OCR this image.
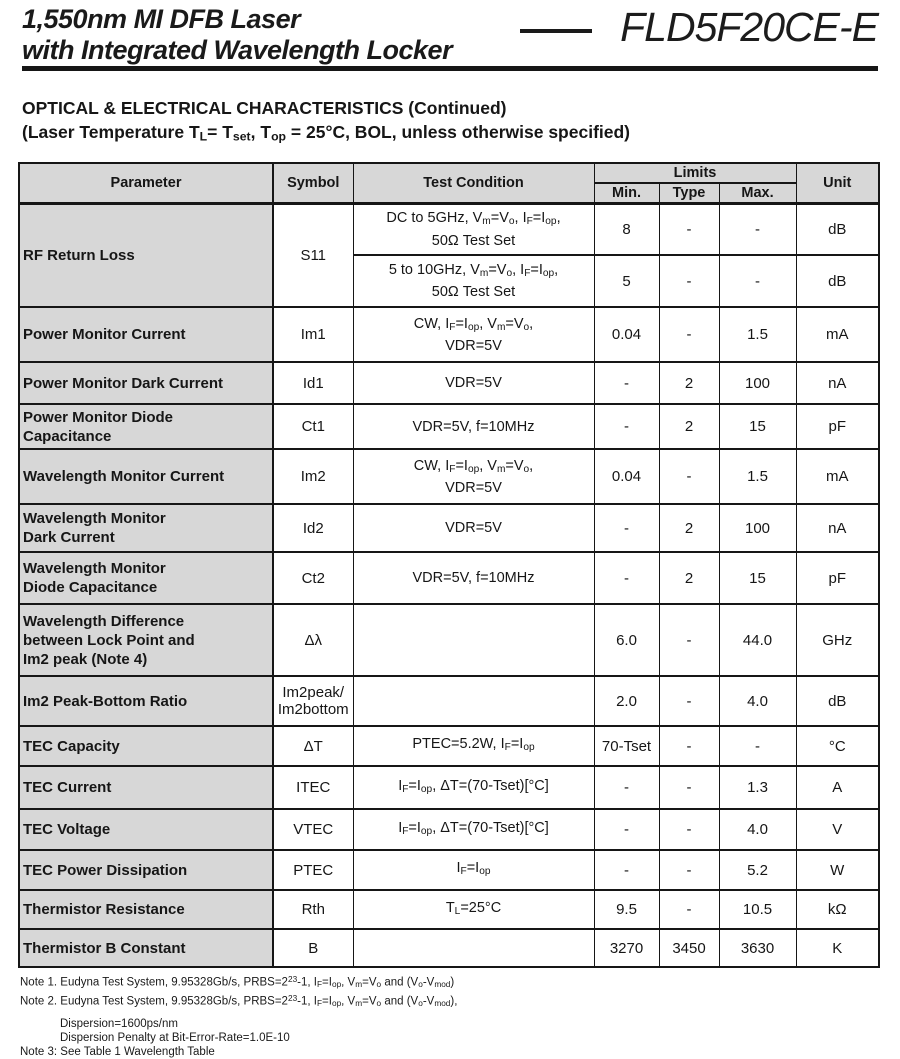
1,550nm MI DFB Laser
with Integrated Wavelength Locker	FLD5F20CE-E
OPTICAL & ELECTRICAL CHARACTERISTICS (Continued)
(Laser Temperature $T_L= T_{set}$, $T_{op} = 25^\circ C$, BOL, unless otherwise specified)
Parameter	Symbol	Test Condition	Limits			Unit
			Min.	Type	Max.	
RF Return Loss	S11	DC to 5GHz, $V_m=V_o$, $I_F=I_{op}$,
50Ω Test Set	8	-	-	dB
		5 to 10GHz, $V_m=V_o$, $I_F=I_{op}$,
50Ω Test Set	5	-	-	dB
Power Monitor Current	Im1	CW, $I_F=I_{op}$, $V_m=V_o$,
VDR=5V	0.04	-	1.5	mA
Power Monitor Dark Current	Id1	VDR=5V	-	2	100	nA
Power Monitor Diode
Capacitance	Ct1	VDR=5V, f=10MHz	-	2	15	pF
Wavelength Monitor Current	Im2	CW, $I_F=I_{op}$, $V_m=V_o$,
VDR=5V	0.04	-	1.5	mA
Wavelength Monitor
Dark Current	Id2	VDR=5V	-	2	100	nA
Wavelength Monitor
Diode Capacitance	Ct2	VDR=5V, f=10MHz	-	2	15	pF
Wavelength Difference
between Lock Point and
Im2 peak (Note 4)	Δλ		6.0	-	44.0	GHz
Im2 Peak-Bottom Ratio	Im2peak/
Im2bottom		2.0	-	4.0	dB
TEC Capacity	ΔT	PTEC=5.2W, $I_F=I_{op}$	70-Tset	-	-	°C
TEC Current	ITEC	$I_F=I_{op}$, ΔT=(70-Tset)[°C]	-	-	1.3	A
TEC Voltage	VTEC	$I_F=I_{op}$, ΔT=(70-Tset)[°C]	-	-	4.0	V
TEC Power Dissipation	PTEC	$I_F=I_{op}$	-	-	5.2	W
Thermistor Resistance	Rth	$T_L=25^\circ C$	9.5	-	10.5	kΩ
Thermistor B Constant	B		3270	3450	3630	K
Note 1. Eudyna Test System, 9.95328Gb/s, $PRBS=2^{23}-1$, $I_F=I_{op}$, $V_m=V_o$ and $(V_o-V_{mod})$
Note 2. Eudyna Test System, 9.95328Gb/s, $PRBS=2^{23}-1$, $I_F=I_{op}$, $V_m=V_o$ and $(V_o-V_{mod})$,
Dispersion=1600ps/nm
Dispersion Penalty at Bit-Error-Rate=1.0E-10
Note 3: See Table 1 Wavelength Table
